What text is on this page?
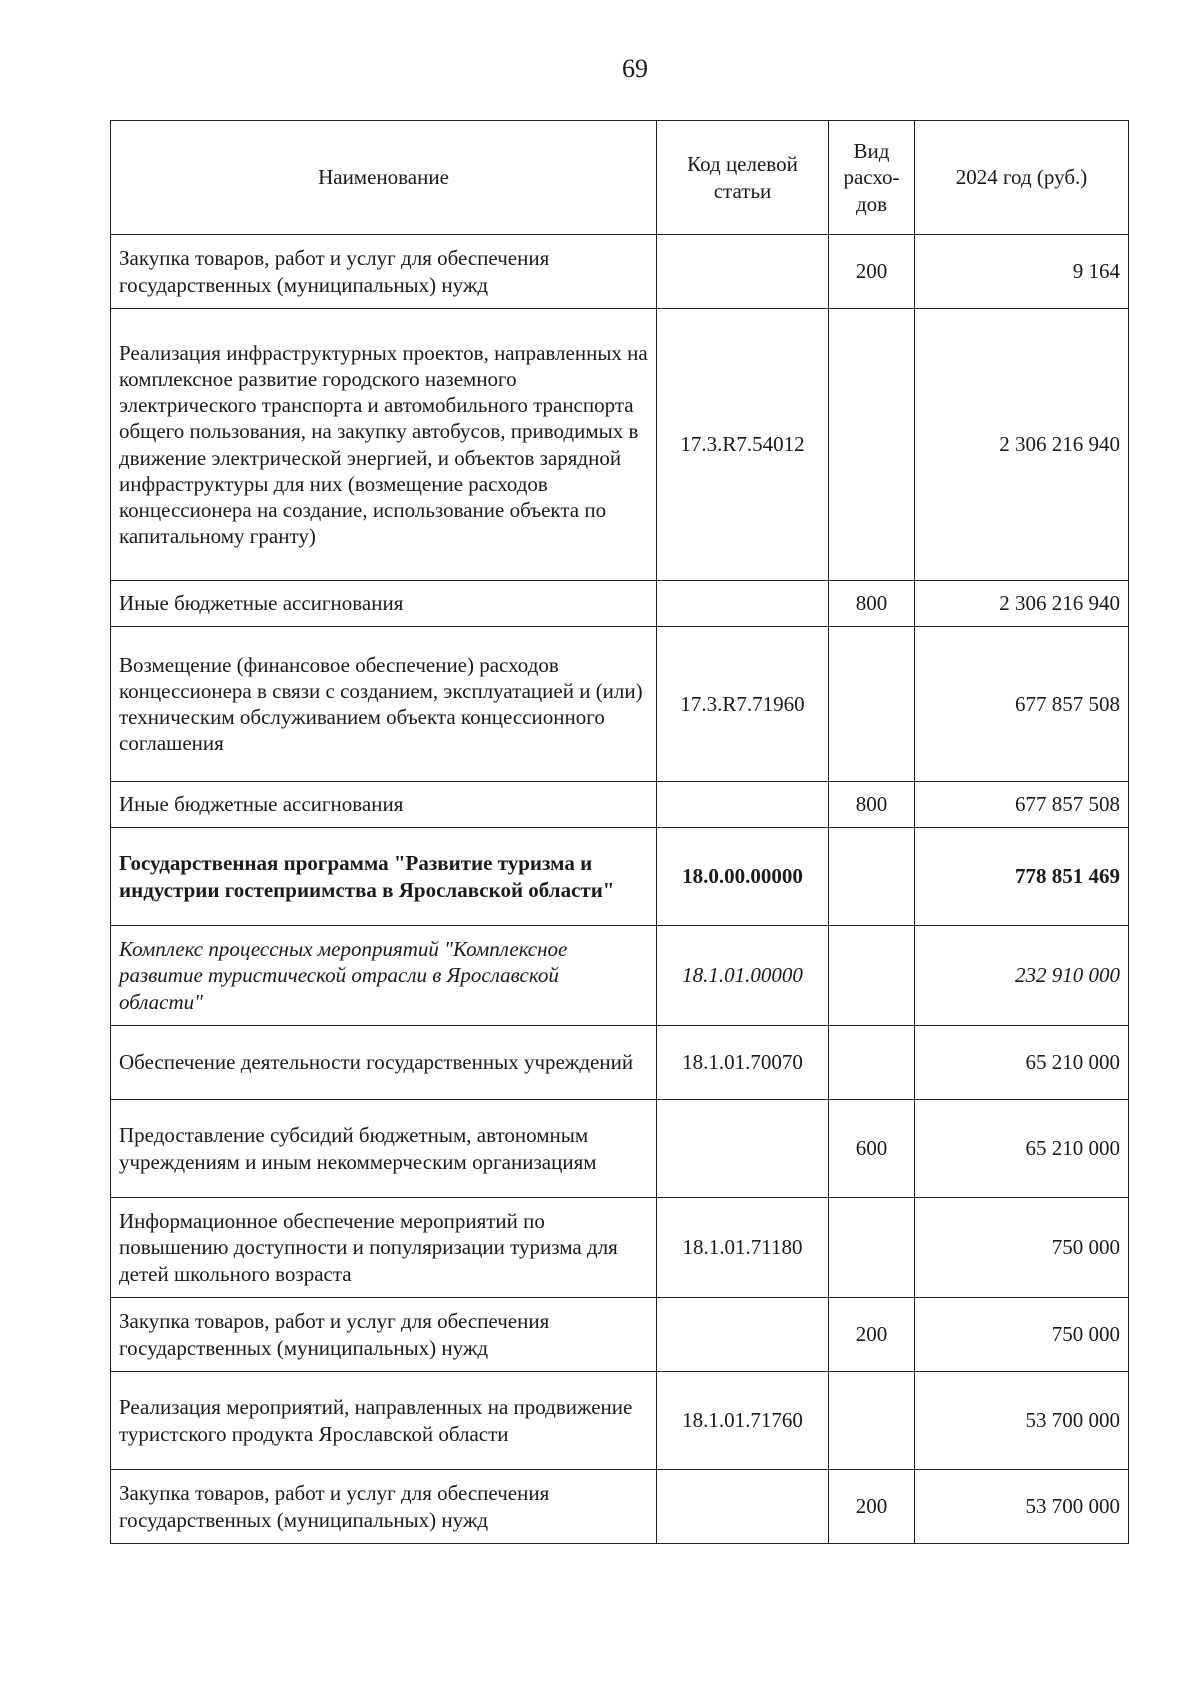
69
Наименование	Код целевой статьи	Вид расхо-дов	2024 год (руб.)
Закупка товаров, работ и услуг для обеспечения государственных (муниципальных) нужд		200	9 164
Реализация инфраструктурных проектов, направленных на комплексное развитие городского наземного электрического транспорта и автомобильного транспорта общего пользования, на закупку автобусов, приводимых в движение электрической энергией, и объектов зарядной инфраструктуры для них (возмещение расходов концессионера на создание, использование объекта по капитальному гранту)	17.3.R7.54012		2 306 216 940
Иные бюджетные ассигнования		800	2 306 216 940
Возмещение (финансовое обеспечение) расходов концессионера в связи с созданием, эксплуатацией и (или) техническим обслуживанием объекта концессионного соглашения	17.3.R7.71960		677 857 508
Иные бюджетные ассигнования		800	677 857 508
Государственная программа "Развитие туризма и индустрии гостеприимства в Ярославской области"	18.0.00.00000		778 851 469
Комплекс процессных мероприятий "Комплексное развитие туристической отрасли в Ярославской области"	18.1.01.00000		232 910 000
Обеспечение деятельности государственных учреждений	18.1.01.70070		65 210 000
Предоставление субсидий бюджетным, автономным учреждениям и иным некоммерческим организациям		600	65 210 000
Информационное обеспечение мероприятий по повышению доступности и популяризации туризма для детей школьного возраста	18.1.01.71180		750 000
Закупка товаров, работ и услуг для обеспечения государственных (муниципальных) нужд		200	750 000
Реализация мероприятий, направленных на продвижение туристского продукта Ярославской области	18.1.01.71760		53 700 000
Закупка товаров, работ и услуг для обеспечения государственных (муниципальных) нужд		200	53 700 000
